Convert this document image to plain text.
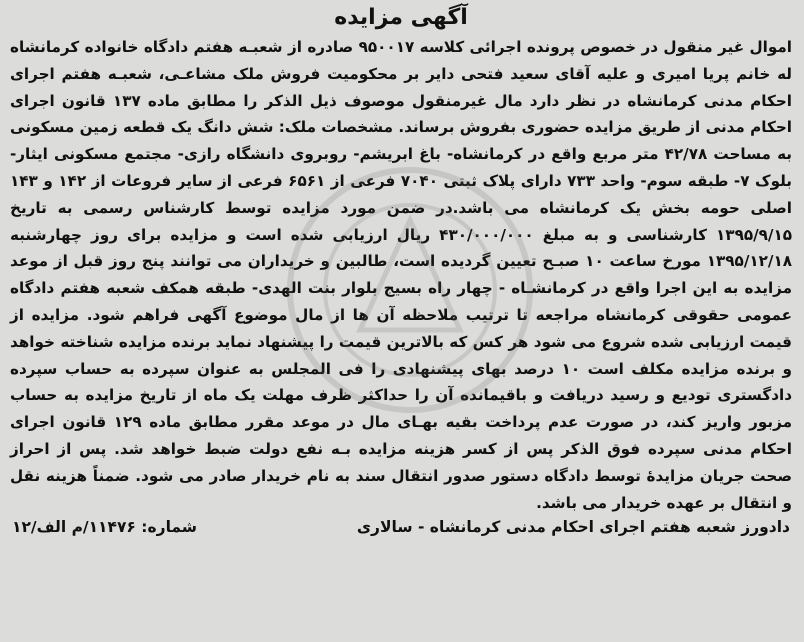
آگهی مزایده

اموال غیر منقول در خصوص پرونده اجرائی کلاسه ۹۵۰۰۱۷ صادره از شعبـه هفتم دادگاه خانواده کرمانشاه له خانم پریا امیری و علیه آقای سعید فتحی دایر بر محکومیت فروش ملک مشاعـی، شعبـه هفتم اجرای احکام مدنی کرمانشاه در نظر دارد مال غیرمنقول موصوف ذیل الذکر را مطابق ماده ۱۳۷ قانون اجرای احکام مدنی از طریق مزایده حضوری بفروش برساند. مشخصات ملک: شش دانگ یک قطعه زمین مسکونی به مساحت ۴۲/۷۸ متر مربع واقع در کرمانشاه- باغ ابریشم- روبروی دانشگاه رازی- مجتمع مسکونی ایثار- بلوک ۷- طبقه سوم- واحد ۷۳۳ دارای پلاک ثبتی ۷۰۴۰ فرعی از ۶۵۶۱ فرعی از سایر فروعات از ۱۴۲ و ۱۴۳ اصلی حومه بخش یک کرمانشاه می باشد.در ضمن مورد مزایده توسط کارشناس رسمی به تاریخ ۱۳۹۵/۹/۱۵ کارشناسی و به مبلغ ۴۳۰/۰۰۰/۰۰۰ ریال ارزیابی شده است و مزایده برای روز چهارشنبه ۱۳۹۵/۱۲/۱۸ مورخ ساعت ۱۰ صبـح تعیین گردیده است، طالبین و خریداران می توانند پنج روز قبل از موعد مزایده به این اجرا واقع در کرمانشـاه - چهار راه بسیج بلوار بنت الهدی- طبقه همکف شعبه هفتم دادگاه عمومی حقوقی کرمانشاه مراجعه تا ترتیب ملاحظه آن ها از مال موضوع آگهی فراهم شود. مزایده از قیمت ارزیابی شده شروع می شود هر کس که بالاترین قیمت را پیشنهاد نماید برنده مزایده شناخته خواهد و برنده مزایده مکلف است ۱۰ درصد بهای پیشنهادی را فی المجلس به عنوان سپرده به حساب سپرده دادگستری تودیع و رسید دریافت و باقیمانده آن را حداکثر ظرف مهلت یک ماه از تاریخ مزایده به حساب مزبور واریز کند، در صورت عدم پرداخت بقیه بهـای مال در موعد مقرر مطابق ماده ۱۲۹ قانون اجرای احکام مدنی سپرده فوق الذکر پس از کسر هزینه مزایده بـه نفع دولت ضبط خواهد شد. پس از احراز صحت جریان مزایدهٔ توسط دادگاه دستور صدور انتقال سند به نام خریدار صادر می شود. ضمناً هزینه نقل و انتقال بر عهده خریدار می باشد.

دادورز شعبه هفتم اجرای احکام مدنی کرمانشاه - سالاری
شماره: ۱۱۴۷۶/م الف/۱۲
